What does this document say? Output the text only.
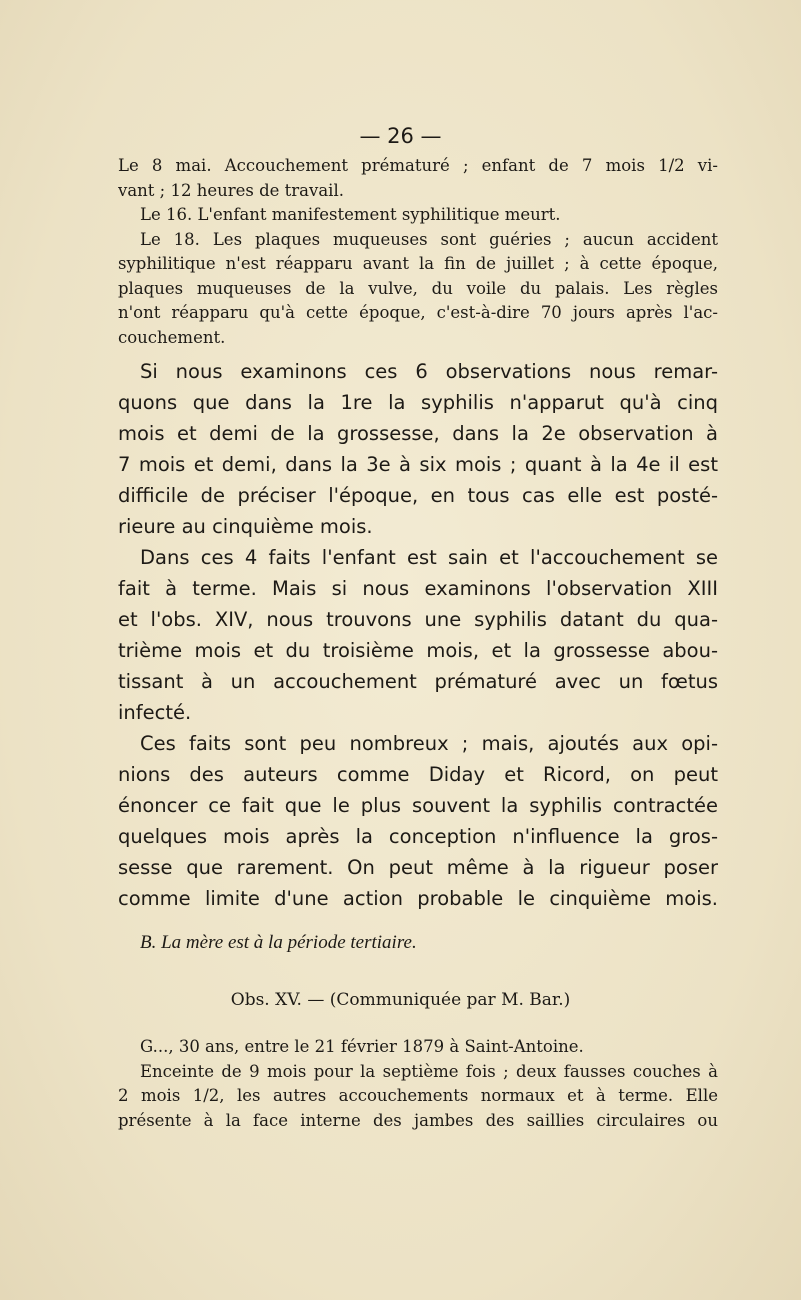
— 26 —
Le 8 mai. Accouchement prématuré ; enfant de 7 mois 1/2 vi-
vant ; 12 heures de travail.
Le 16. L'enfant manifestement syphilitique meurt.
Le 18. Les plaques muqueuses sont guéries ; aucun accident
syphilitique n'est réapparu avant la fin de juillet ; à cette époque,
plaques muqueuses de la vulve, du voile du palais. Les règles
n'ont réapparu qu'à cette époque, c'est-à-dire 70 jours après l'ac-
couchement.
Si nous examinons ces 6 observations nous remar-
quons que dans la 1re la syphilis n'apparut qu'à cinq
mois et demi de la grossesse, dans la 2e observation à
7 mois et demi, dans la 3e à six mois ; quant à la 4e il est
difficile de préciser l'époque, en tous cas elle est posté-
rieure au cinquième mois.
Dans ces 4 faits l'enfant est sain et l'accouchement se
fait à terme. Mais si nous examinons l'observation XIII
et l'obs. XIV, nous trouvons une syphilis datant du qua-
trième mois et du troisième mois, et la grossesse abou-
tissant à un accouchement prématuré avec un fœtus
infecté.
Ces faits sont peu nombreux ; mais, ajoutés aux opi-
nions des auteurs comme Diday et Ricord, on peut
énoncer ce fait que le plus souvent la syphilis contractée
quelques mois après la conception n'influence la gros-
sesse que rarement. On peut même à la rigueur poser
comme limite d'une action probable le cinquième mois.
B. La mère est à la période tertiaire.
Obs. XV. — (Communiquée par M. Bar.)
G..., 30 ans, entre le 21 février 1879 à Saint-Antoine.
Enceinte de 9 mois pour la septième fois ; deux fausses couches à
2 mois 1/2, les autres accouchements normaux et à terme. Elle
présente à la face interne des jambes des saillies circulaires ou
